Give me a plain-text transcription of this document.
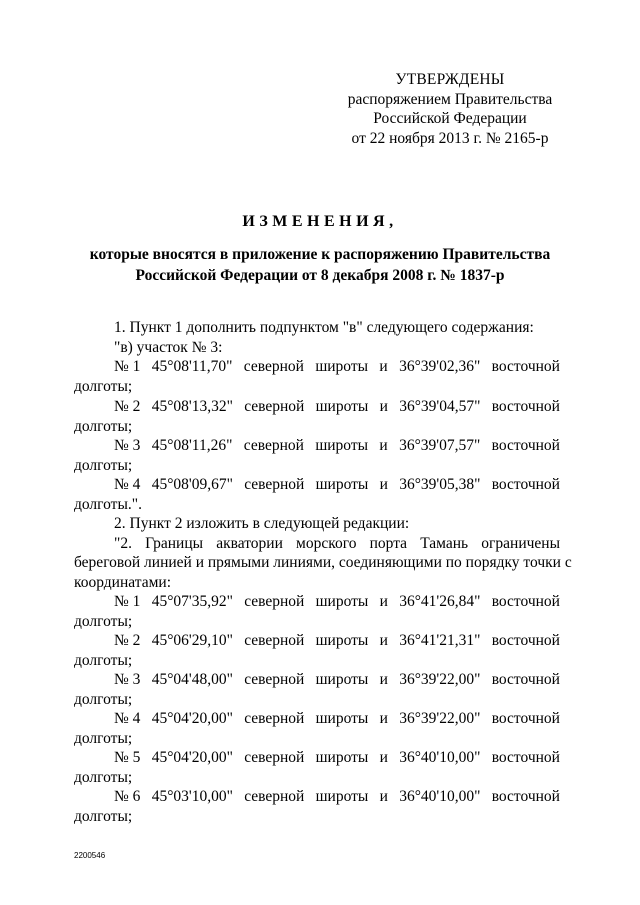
УТВЕРЖДЕНЫ
распоряжением Правительства
Российской Федерации
от 22 ноября 2013 г. № 2165-р
ИЗМЕНЕНИЯ,
которые вносятся в приложение к распоряжению Правительства
Российской Федерации от 8 декабря 2008 г. № 1837-р
1. Пункт 1 дополнить подпунктом "в" следующего содержания:
"в) участок № 3:
№ 1 45°08'11,70" северной широты и 36°39'02,36" восточной
долготы;
№ 2 45°08'13,32" северной широты и 36°39'04,57" восточной
долготы;
№ 3 45°08'11,26" северной широты и 36°39'07,57" восточной
долготы;
№ 4 45°08'09,67" северной широты и 36°39'05,38" восточной
долготы.".
2. Пункт 2 изложить в следующей редакции:
"2. Границы акватории морского порта Тамань ограничены
береговой линией и прямыми линиями, соединяющими по порядку точки с
координатами:
№ 1 45°07'35,92" северной широты и 36°41'26,84" восточной
долготы;
№ 2 45°06'29,10" северной широты и 36°41'21,31" восточной
долготы;
№ 3 45°04'48,00" северной широты и 36°39'22,00" восточной
долготы;
№ 4 45°04'20,00" северной широты и 36°39'22,00" восточной
долготы;
№ 5 45°04'20,00" северной широты и 36°40'10,00" восточной
долготы;
№ 6 45°03'10,00" северной широты и 36°40'10,00" восточной
долготы;
2200546
